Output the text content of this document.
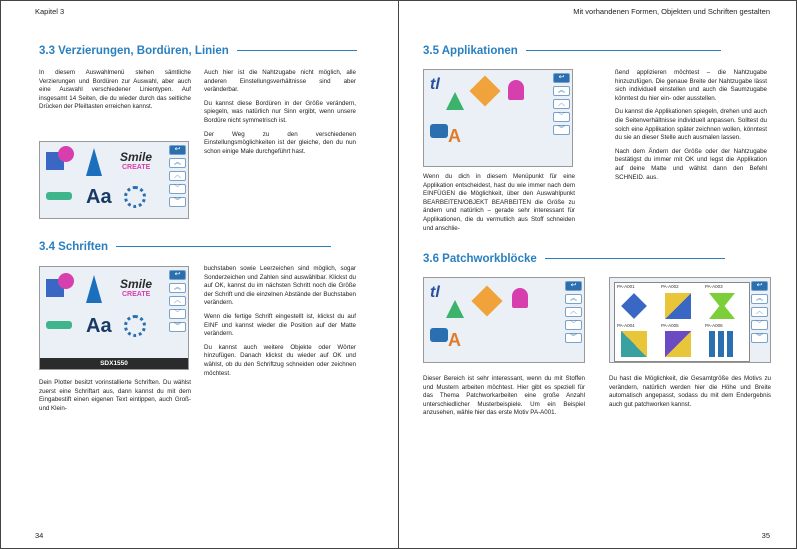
Kapitel 3
3.3 Verzierungen, Bordüren, Linien

In diesem Auswahlmenü stehen sämtliche Verzierungen und Bordüren zur Auswahl, aber auch eine Auswahl verschiedener Linientypen. Auf insgesamt 14 Seiten, die du wieder durch das seitliche Drücken der Pfeiltasten erreichen kannst.

Auch hier ist die Nahtzugabe nicht möglich, alle anderen Einstellungsverhältnisse sind aber veränderbar.

Du kannst diese Bordüren in der Größe verändern, spiegeln, was natürlich nur Sinn ergibt, wenn unsere Bordüre nicht symmetrisch ist.

Der Weg zu den verschiedenen Einstellungsmöglichkeiten ist der gleiche, den du nun schon einige Male durchgeführt hast.

Smile
CREATE
Aa
↩
︽
︿
﹀
︾
3.4 Schriften
Smile
CREATE
Aa
↩
︽
︿
﹀
︾
SDX1550

Dein Plotter besitzt vorinstallierte Schriften. Du wählst zuerst eine Schriftart aus, dann kannst du mit dem Eingabestift einen eigenen Text eintippen, auch Groß- und Klein-

buchstaben sowie Leerzeichen sind möglich, sogar Sonderzeichen und Zahlen sind auswählbar. Klickst du auf OK, kannst du im nächsten Schritt noch die Größe der Schrift und die einzelnen Abstände der Buchstaben verändern.

Wenn die fertige Schrift eingestellt ist, klickst du auf EINF und kannst wieder die Position auf der Matte verändern.

Du kannst auch weitere Objekte oder Wörter hinzufügen. Danach klickst du wieder auf OK und wählst, ob du den Schriftzug schneiden oder zeichnen möchtest.

34
Mit vorhandenen Formen, Objekten und Schriften gestalten
3.5 Applikationen
tl
A
↩
︽
︿
﹀
︾

Wenn du dich in diesem Menüpunkt für eine Applikation entscheidest, hast du wie immer nach dem EINFÜGEN die Möglichkeit, über den Auswahlpunkt BEARBEITEN/OBJEKT BEARBEITEN die Größe zu ändern und natürlich – gerade sehr interessant für Applikationen, die du vermutlich aus Stoff schneiden und anschlie-

ßend applizieren möchtest – die Nahtzugabe hinzuzufügen. Die genaue Breite der Nahtzugabe lässt sich individuell einstellen und auch die Saumzugabe könntest du hier ein- oder ausstellen.

Du kannst die Applikationen spiegeln, drehen und auch die Seitenverhältnisse individuell anpassen. Solltest du solch eine Applikation später zeichnen wollen, könntest du sie an dieser Stelle auch ausmalen lassen.

Nach dem Ändern der Größe oder der Nahtzugabe bestätigst du immer mit OK und legst die Applikation auf deine Matte und wählst dann den Befehl SCHNEID. aus.

3.6 Patchworkblöcke
tl
A
↩
︽
︿
﹀
︾
PA-A001	PA-A002	PA-A003
PA-A004	PA-A005	PA-A006
↩
︽
︿
﹀
︾

Dieser Bereich ist sehr interessant, wenn du mit Stoffen und Mustern arbeiten möchtest. Hier gibt es speziell für das Thema Patchworkarbeiten eine große Anzahl unterschiedlicher Musterbeispiele. Um ein Beispiel anzusehen, wähle hier das erste Motiv PA-A001.

Du hast die Möglichkeit, die Gesamtgröße des Motivs zu verändern, natürlich werden hier die Höhe und Breite automatisch angepasst, sodass du mit dem Endergebnis auch gut patchworken kannst.

35
